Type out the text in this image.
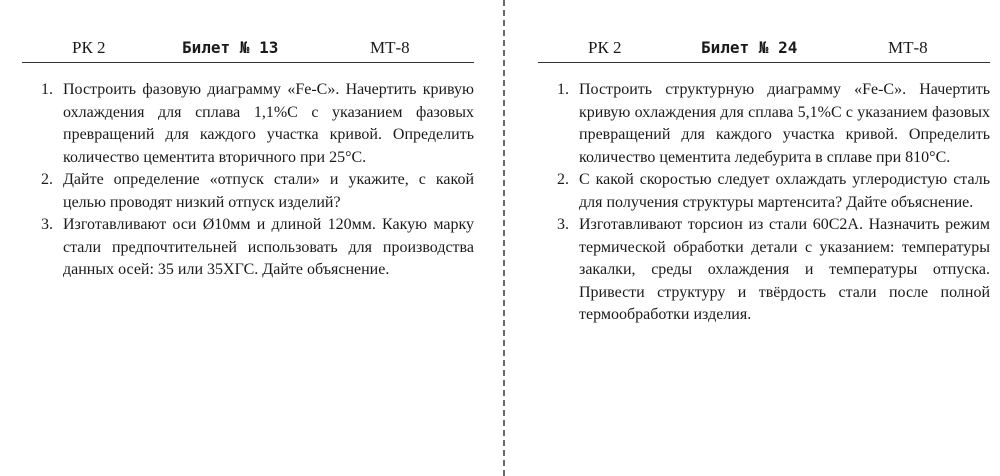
РК 2	Билет № 13	МТ-8
Построить фазовую диаграмму «Fe-C». Начертить кривую охлаждения для сплава 1,1%С с указанием фазовых превращений для каждого участка кривой. Определить количество цементита вторичного при 25°С.
Дайте определение «отпуск стали» и укажите, с какой целью проводят низкий отпуск изделий?
Изготавливают оси Ø10мм и длиной 120мм. Какую марку стали предпочтительней использовать для производства данных осей: 35 или 35ХГС. Дайте объяснение.
РК 2	Билет № 24	МТ-8
Построить структурную диаграмму «Fe-C». Начертить кривую охлаждения для сплава 5,1%С с указанием фазовых превращений для каждого участка кривой. Определить количество цементита ледебурита в сплаве при 810°С.
С какой скоростью следует охлаждать углеродистую сталь для получения структуры мартенсита? Дайте объяснение.
Изготавливают торсион из стали 60С2А. Назначить режим термической обработки детали с указанием: температуры закалки, среды охлаждения и температуры отпуска. Привести структуру и твёрдость стали после полной термообработки изделия.
